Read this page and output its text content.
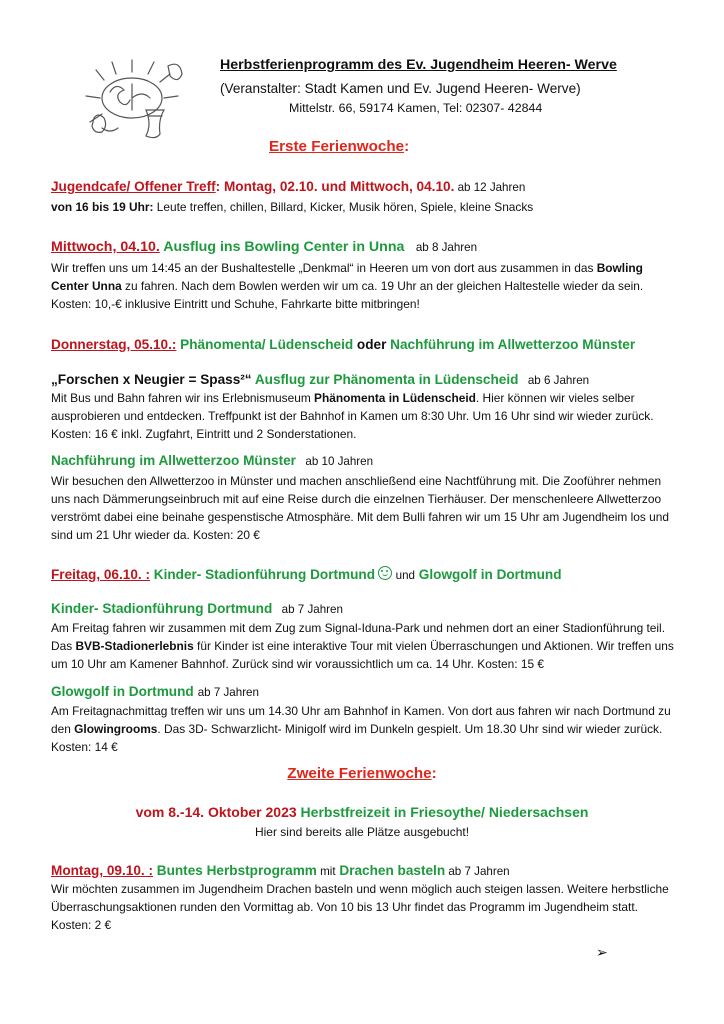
Herbstferienprogramm des Ev. Jugendheim Heeren- Werve
(Veranstalter: Stadt Kamen und Ev. Jugend Heeren- Werve)
Mittelstr. 66, 59174 Kamen, Tel: 02307- 42844
Erste Ferienwoche:
Jugendcafe/ Offener Treff: Montag, 02.10. und Mittwoch, 04.10. ab 12 Jahren
von 16 bis 19 Uhr: Leute treffen, chillen, Billard, Kicker, Musik hören, Spiele, kleine Snacks
Mittwoch, 04.10. Ausflug ins Bowling Center in Unna ab 8 Jahren
Wir treffen uns um 14:45 an der Bushaltestelle „Denkmal“ in Heeren um von dort aus zusammen in das Bowling Center Unna zu fahren. Nach dem Bowlen werden wir um ca. 19 Uhr an der gleichen Haltestelle wieder da sein.
Kosten: 10,-€ inklusive Eintritt und Schuhe, Fahrkarte bitte mitbringen!
Donnerstag, 05.10.: Phänomenta/ Lüdenscheid oder Nachführung im Allwetterzoo Münster
„Forschen x Neugier = Spass²“ Ausflug zur Phänomenta in Lüdenscheid ab 6 Jahren
Mit Bus und Bahn fahren wir ins Erlebnismuseum Phänomenta in Lüdenscheid. Hier können wir vieles selber ausprobieren und entdecken. Treffpunkt ist der Bahnhof in Kamen um 8:30 Uhr. Um 16 Uhr sind wir wieder zurück. Kosten: 16 € inkl. Zugfahrt, Eintritt und 2 Sonderstationen.
Nachführung im Allwetterzoo Münster ab 10 Jahren
Wir besuchen den Allwetterzoo in Münster und machen anschließend eine Nachtführung mit. Die Zooführer nehmen uns nach Dämmerungseinbruch mit auf eine Reise durch die einzelnen Tierhäuser. Der menschenleere Allwetterzoo verströmt dabei eine beinahe gespenstische Atmosphäre. Mit dem Bulli fahren wir um 15 Uhr am Jugendheim los und sind um 21 Uhr wieder da. Kosten: 20 €
Freitag, 06.10. : Kinder- Stadionführung Dortmund  und Glowgolf in Dortmund
Kinder- Stadionführung Dortmund ab 7 Jahren
Am Freitag fahren wir zusammen mit dem Zug zum Signal-Iduna-Park und nehmen dort an einer Stadionführung teil. Das BVB-Stadionerlebnis für Kinder ist eine interaktive Tour mit vielen Überraschungen und Aktionen. Wir treffen uns um 10 Uhr am Kamener Bahnhof. Zurück sind wir voraussichtlich um ca. 14 Uhr. Kosten: 15 €
Glowgolf in Dortmund ab 7 Jahren
Am Freitagnachmittag treffen wir uns um 14.30 Uhr am Bahnhof in Kamen. Von dort aus fahren wir nach Dortmund zu den Glowingrooms. Das 3D- Schwarzlicht- Minigolf wird im Dunkeln gespielt. Um 18.30 Uhr sind wir wieder zurück. Kosten: 14 €
Zweite Ferienwoche:
vom 8.-14. Oktober 2023 Herbstfreizeit in Friesoythe/ Niedersachsen
Hier sind bereits alle Plätze ausgebucht!
Montag, 09.10. : Buntes Herbstprogramm mit Drachen basteln ab 7 Jahren
Wir möchten zusammen im Jugendheim Drachen basteln und wenn möglich auch steigen lassen. Weitere herbstliche Überraschungsaktionen runden den Vormittag ab. Von 10 bis 13 Uhr findet das Programm im Jugendheim statt. Kosten: 2 €
➢
